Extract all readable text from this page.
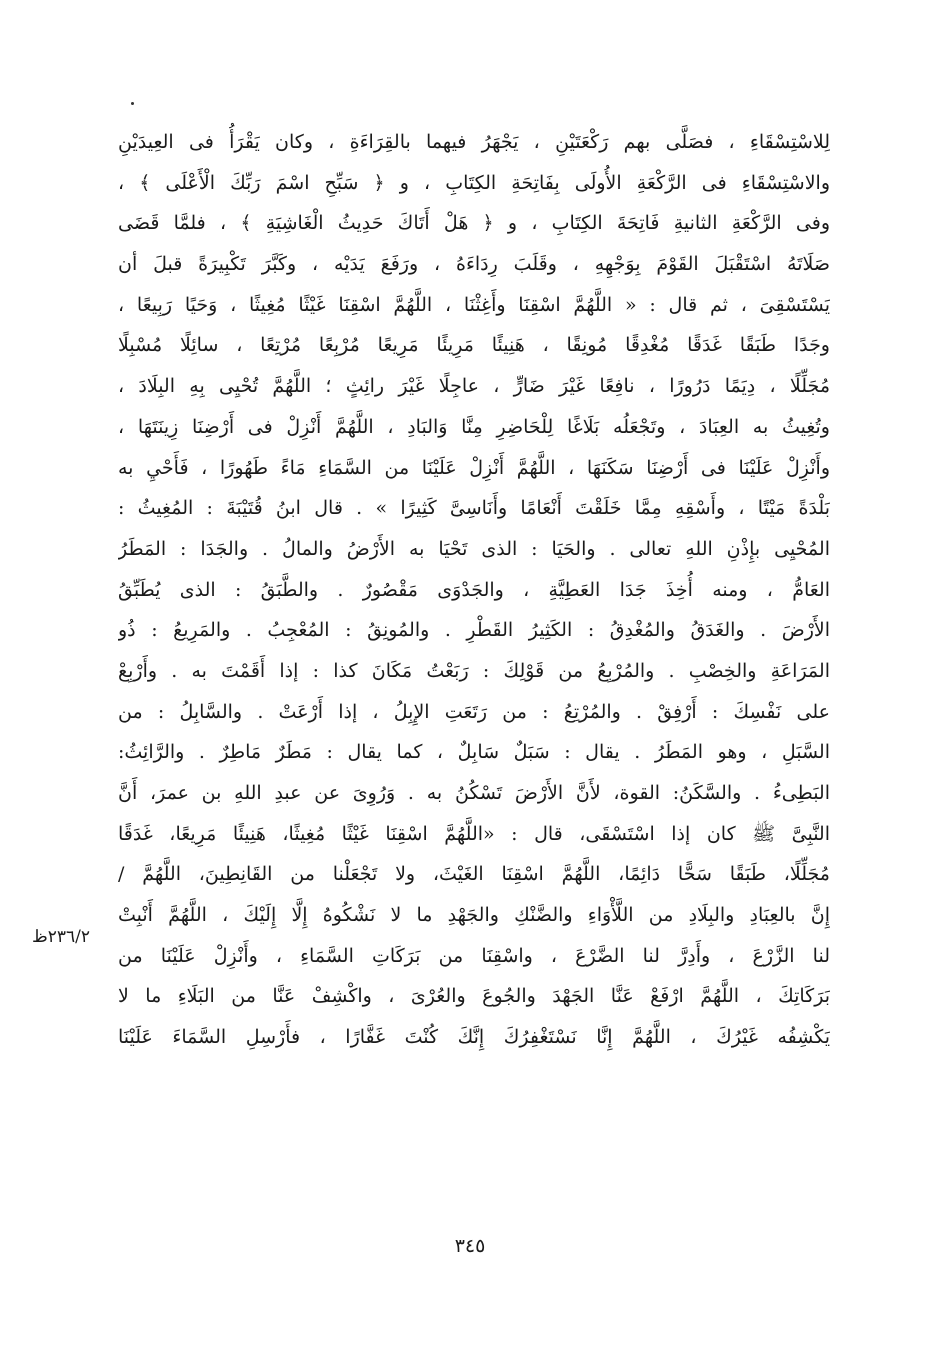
لِلاسْتِسْقَاءِ ، فصَلَّى بهم رَكْعَتَيْنِ ، يَجْهَرُ فيهما بالقِرَاءَةِ ، وكان يَقْرَأُ فى العِيدَيْنِ
والاسْتِسْقَاءِ فى الرَّكْعَةِ الأُولَى بِفَاتِحَةِ الكِتَابِ ، و ﴿ سَبِّحِ اسْمَ رَبِّكَ الْأَعْلَى ﴾ ،
وفى الرَّكْعَةِ الثانيةِ فَاتِحَةَ الكِتَابِ ، و ﴿ هَلْ أَتَاكَ حَدِيثُ الْغَاشِيَةِ ﴾ ، فلمَّا قَضَى
صَلَاتَهُ اسْتَقْبَلَ القَوْمَ بِوَجْهِهِ ، وقَلَبَ رِدَاءَهُ ، ورَفَعَ يَدَيْه ، وكَبَّرَ تَكْبِيرَةً قبلَ أن
يَسْتَسْقِىَ ، ثم قال : « اللَّهُمَّ اسْقِنَا وأَغِثْنَا ، اللَّهُمَّ اسْقِنَا غَيْثًا مُغِيثًا ، وَحَيًا رَبِيعًا ،
وجَدًا طَبَقًا غَدَقًا مُغْدِقًا مُونِقًا ، هَنِيئًا مَرِيئًا مَرِيعًا مُرْبِعًا مُرْتِعًا ، سائِلًا مُسْبِلًا
مُجَلِّلًا ، دِيَمًا دَرُورًا ، نافِعًا غَيْرَ ضَارٍّ ، عاجِلًا غَيْرَ رائِثٍ ؛ اللَّهُمَّ تُحْيِى بِهِ البِلَادَ ،
وتُغِيثُ به العِبَادَ ، وتَجْعَلُه بَلَاغًا لِلْحَاضِرِ مِنَّا وَالبَادِ ، اللَّهُمَّ أَنْزِلْ فى أَرْضِنَا زِينَتَهَا ،
وأَنْزِلْ عَلَيْنَا فى أَرْضِنَا سَكَنَهَا ، اللَّهُمَّ أَنْزِلْ عَلَيْنَا من السَّمَاءِ مَاءً طَهُورًا ، فَأَحْيِ به
بَلْدَةً مَيْتًا ، وأَسْقِهِ مِمَّا خَلَقْتَ أَنْعَامًا وأَنَاسِىَّ كَثِيرًا » . قال ابنُ قُتَيْبَةَ : المُغِيثُ :
المُحْيِى بإِذْنِ اللهِ تعالى . والحَيَا : الذى تَحْيَا به الأَرْضُ والمالُ . والجَدَا : المَطَرُ
العَامُّ ، ومنه أُخِذَ جَدَا العَطِيَّةِ ، والجَدْوَى مَقْصُورٌ . والطَّبَقُ : الذى يُطَبِّقُ
الأَرْضَ . والغَدَقُ والمُغْدِقُ : الكَثِيرُ القَطْرِ . والمُونِقُ : المُعْجِبُ . والمَرِيعُ : ذُو
المَرَاعَةِ والخِصْبِ . والمُرْبِعُ من قَوْلِكَ : رَبَعْتُ مَكَانَ كذا : إذا أَقَمْتَ به . وأَرْبِعْ
على نَفْسِكَ : أَرْفِقْ . والمُرْتِعُ : من رَتَعَتِ الإِبِلُ ، إذا أَرْعَتْ . والسَّابِلُ : من
السَّبَلِ ، وهو المَطَرُ . يقال : سَبَلٌ سَابِلٌ ، كما يقال : مَطَرٌ مَاطِرٌ . والرَّائِثُ:
البَطِىءُ . والسَّكَنُ: القوة، لأَنَّ الأَرْضَ تَسْكُنُ به . وَرُوِىَ عن عبدِ اللهِ بن عمرَ، أَنَّ
النَّبِىَّ ﷺ كان إذا اسْتَسْقَى، قال : «اللَّهُمَّ اسْقِنَا غَيْثًا مُغِيثًا، هَنِيئًا مَرِيعًا، غَدَقًا
مُجَلِّلًا، طَبَقًا سَحًّا دَائِمًا، اللَّهُمَّ اسْقِنَا الغَيْثَ، ولا تَجْعَلْنا من القَانِطِينَ، اللَّهُمَّ /
إِنَّ بالعِبَادِ والبِلَادِ من اللَّأْوَاءِ والضَّنْكِ والجَهْدِ ما لا نَشْكُوهُ إِلَّا إِلَيْكَ ، اللَّهُمَّ أَنْبِتْ
لنا الزَّرْعَ ، وأَدِرَّ لنا الضَّرْعَ ، واسْقِنَا من بَرَكَاتِ السَّمَاءِ ، وأَنْزِلْ عَلَيْنَا من
بَرَكَاتِكَ ، اللَّهُمَّ ارْفَعْ عَنَّا الجَهْدَ والجُوعَ والعُرْىَ ، واكْشِفْ عَنَّا من البَلَاءِ ما لا
يَكْشِفُه غَيْرُكَ ، اللَّهُمَّ إِنَّا نَسْتَغْفِرُكَ إِنَّكَ كُنْتَ غَفَّارًا ، فأَرْسِلِ السَّمَاءَ عَلَيْنَا
٢٣٦/٢ظ
٣٤٥
